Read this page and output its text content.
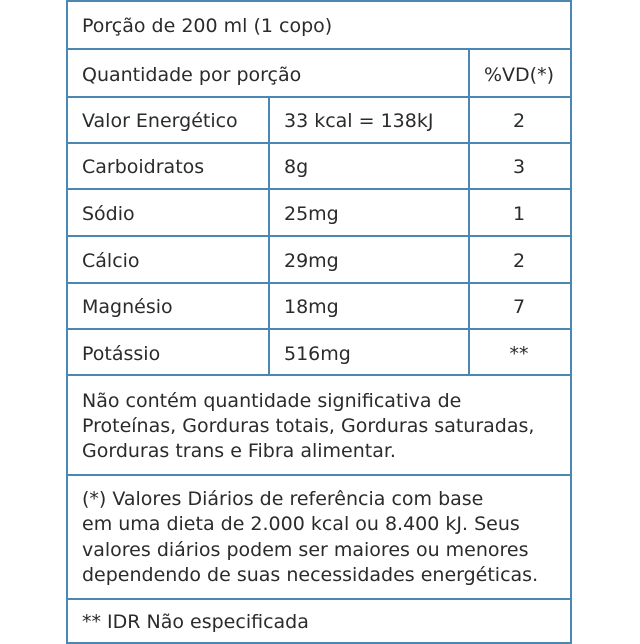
Porção de 200 ml (1 copo)
Quantidade por porção	%VD(*)
Valor Energético 33 kcal = 138kJ	2
Carboidratos	8g	3
Sódio	25mg	1
Cálcio	29mg	2
Magnésio	18mg	7
Potássio	516mg	**
Não contém quantidade significativa de
Proteínas, Gorduras totais, Gorduras saturadas,
Gorduras trans e Fibra alimentar.
(*) Valores Diários de referência com base
em uma dieta de 2.000 kcal ou 8.400 kJ. Seus
valores diários podem ser maiores ou menores
dependendo de suas necessidades energéticas.
** IDR Não especificada
